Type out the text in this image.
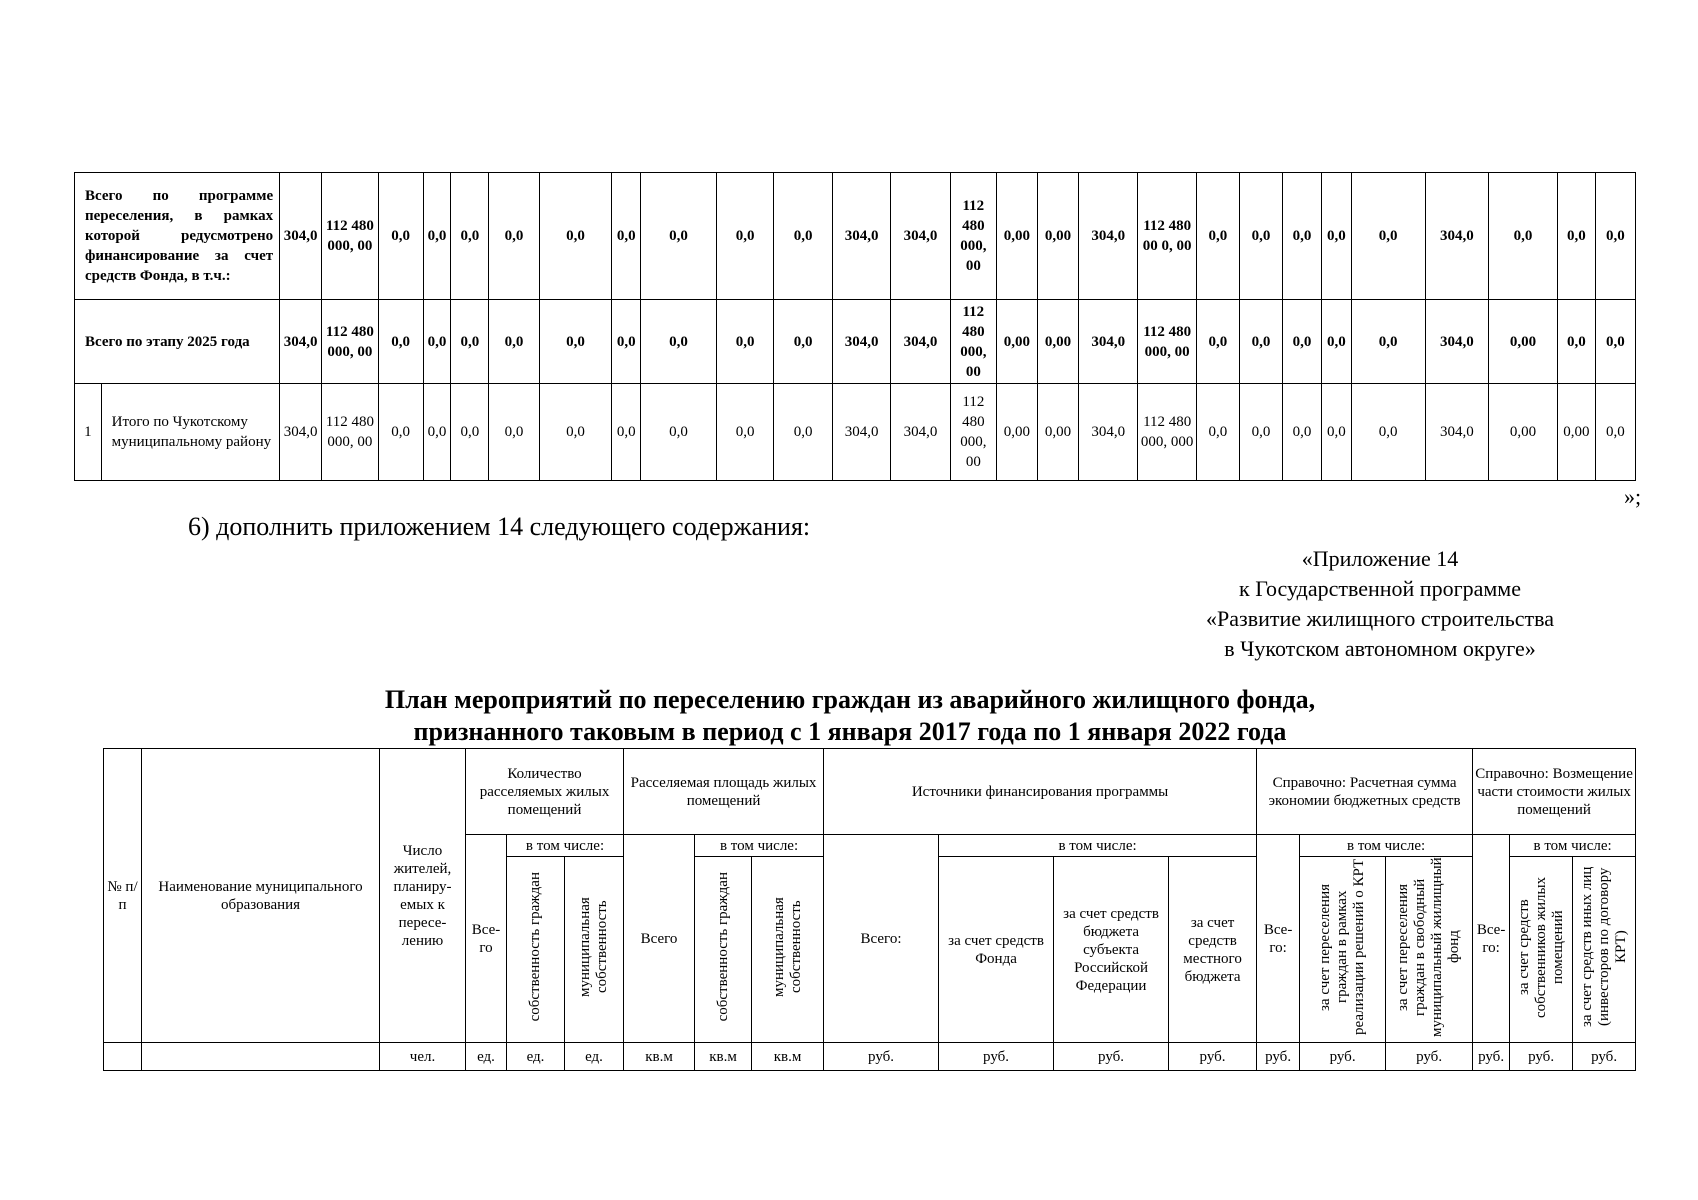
Всего по программе переселения, в рамках которой редусмотрено финансирование за счет средств Фонда, в т.ч.:		304,0	112 480 000, 00	0,0	0,0	0,0	0,0	0,0	0,0	0,0	0,0	0,0	304,0	304,0	112 480 000, 00	0,00	0,00	304,0	112 480 00 0, 00	0,0	0,0	0,0	0,0	0,0	304,0	0,0	0,0	0,0
Всего по этапу 2025 года		304,0	112 480 000, 00	0,0	0,0	0,0	0,0	0,0	0,0	0,0	0,0	0,0	304,0	304,0	112 480 000, 00	0,00	0,00	304,0	112 480 000, 00	0,0	0,0	0,0	0,0	0,0	304,0	0,00	0,0	0,0
1	Итого по Чукотскому муниципальному району	304,0	112 480 000, 00	0,0	0,0	0,0	0,0	0,0	0,0	0,0	0,0	0,0	304,0	304,0	112 480 000, 00	0,00	0,00	304,0	112 480 000, 000	0,0	0,0	0,0	0,0	0,0	304,0	0,00	0,00	0,0
»;
6) дополнить приложением 14 следующего содержания:
«Приложение 14
к Государственной программе
«Развитие жилищного строительства
в Чукотском автономном округе»
План мероприятий по переселению граждан из аварийного жилищного фонда,
признанного таковым в период с 1 января 2017 года по 1 января 2022 года
№ п/п	Наименование муниципального образования	Число жителей, планиру- емых к пересе- лению	Количество расселяемых жилых помещений			Расселяемая площадь жилых помещений			Источники финансирования программы				Справочно: Расчетная сумма экономии бюджетных средств			Справочно: Возмещение части стоимости жилых помещений		
			Все- го	в том числе:		Всего	в том числе:		Всего:	в том числе:			Все- го:	в том числе:		Все- го:	в том числе:	
				собственность граждан	муниципальная собственность		собственность граждан	муниципальная собственность		за счет средств Фонда	за счет средств бюджета субъекта Российской Федерации	за счет средств местного бюджета		за счет переселения граждан в рамках реализации решений о КРТ	за счет переселения граждан в свободный муниципальный жилищный фонд		за счет средств собственников жилых помещений	за счет средств иных лиц (инвесторов по договору КРТ)
		чел.	ед.	ед.	ед.	кв.м	кв.м	кв.м	руб.	руб.	руб.	руб.	руб.	руб.	руб.	руб.	руб.	руб.
